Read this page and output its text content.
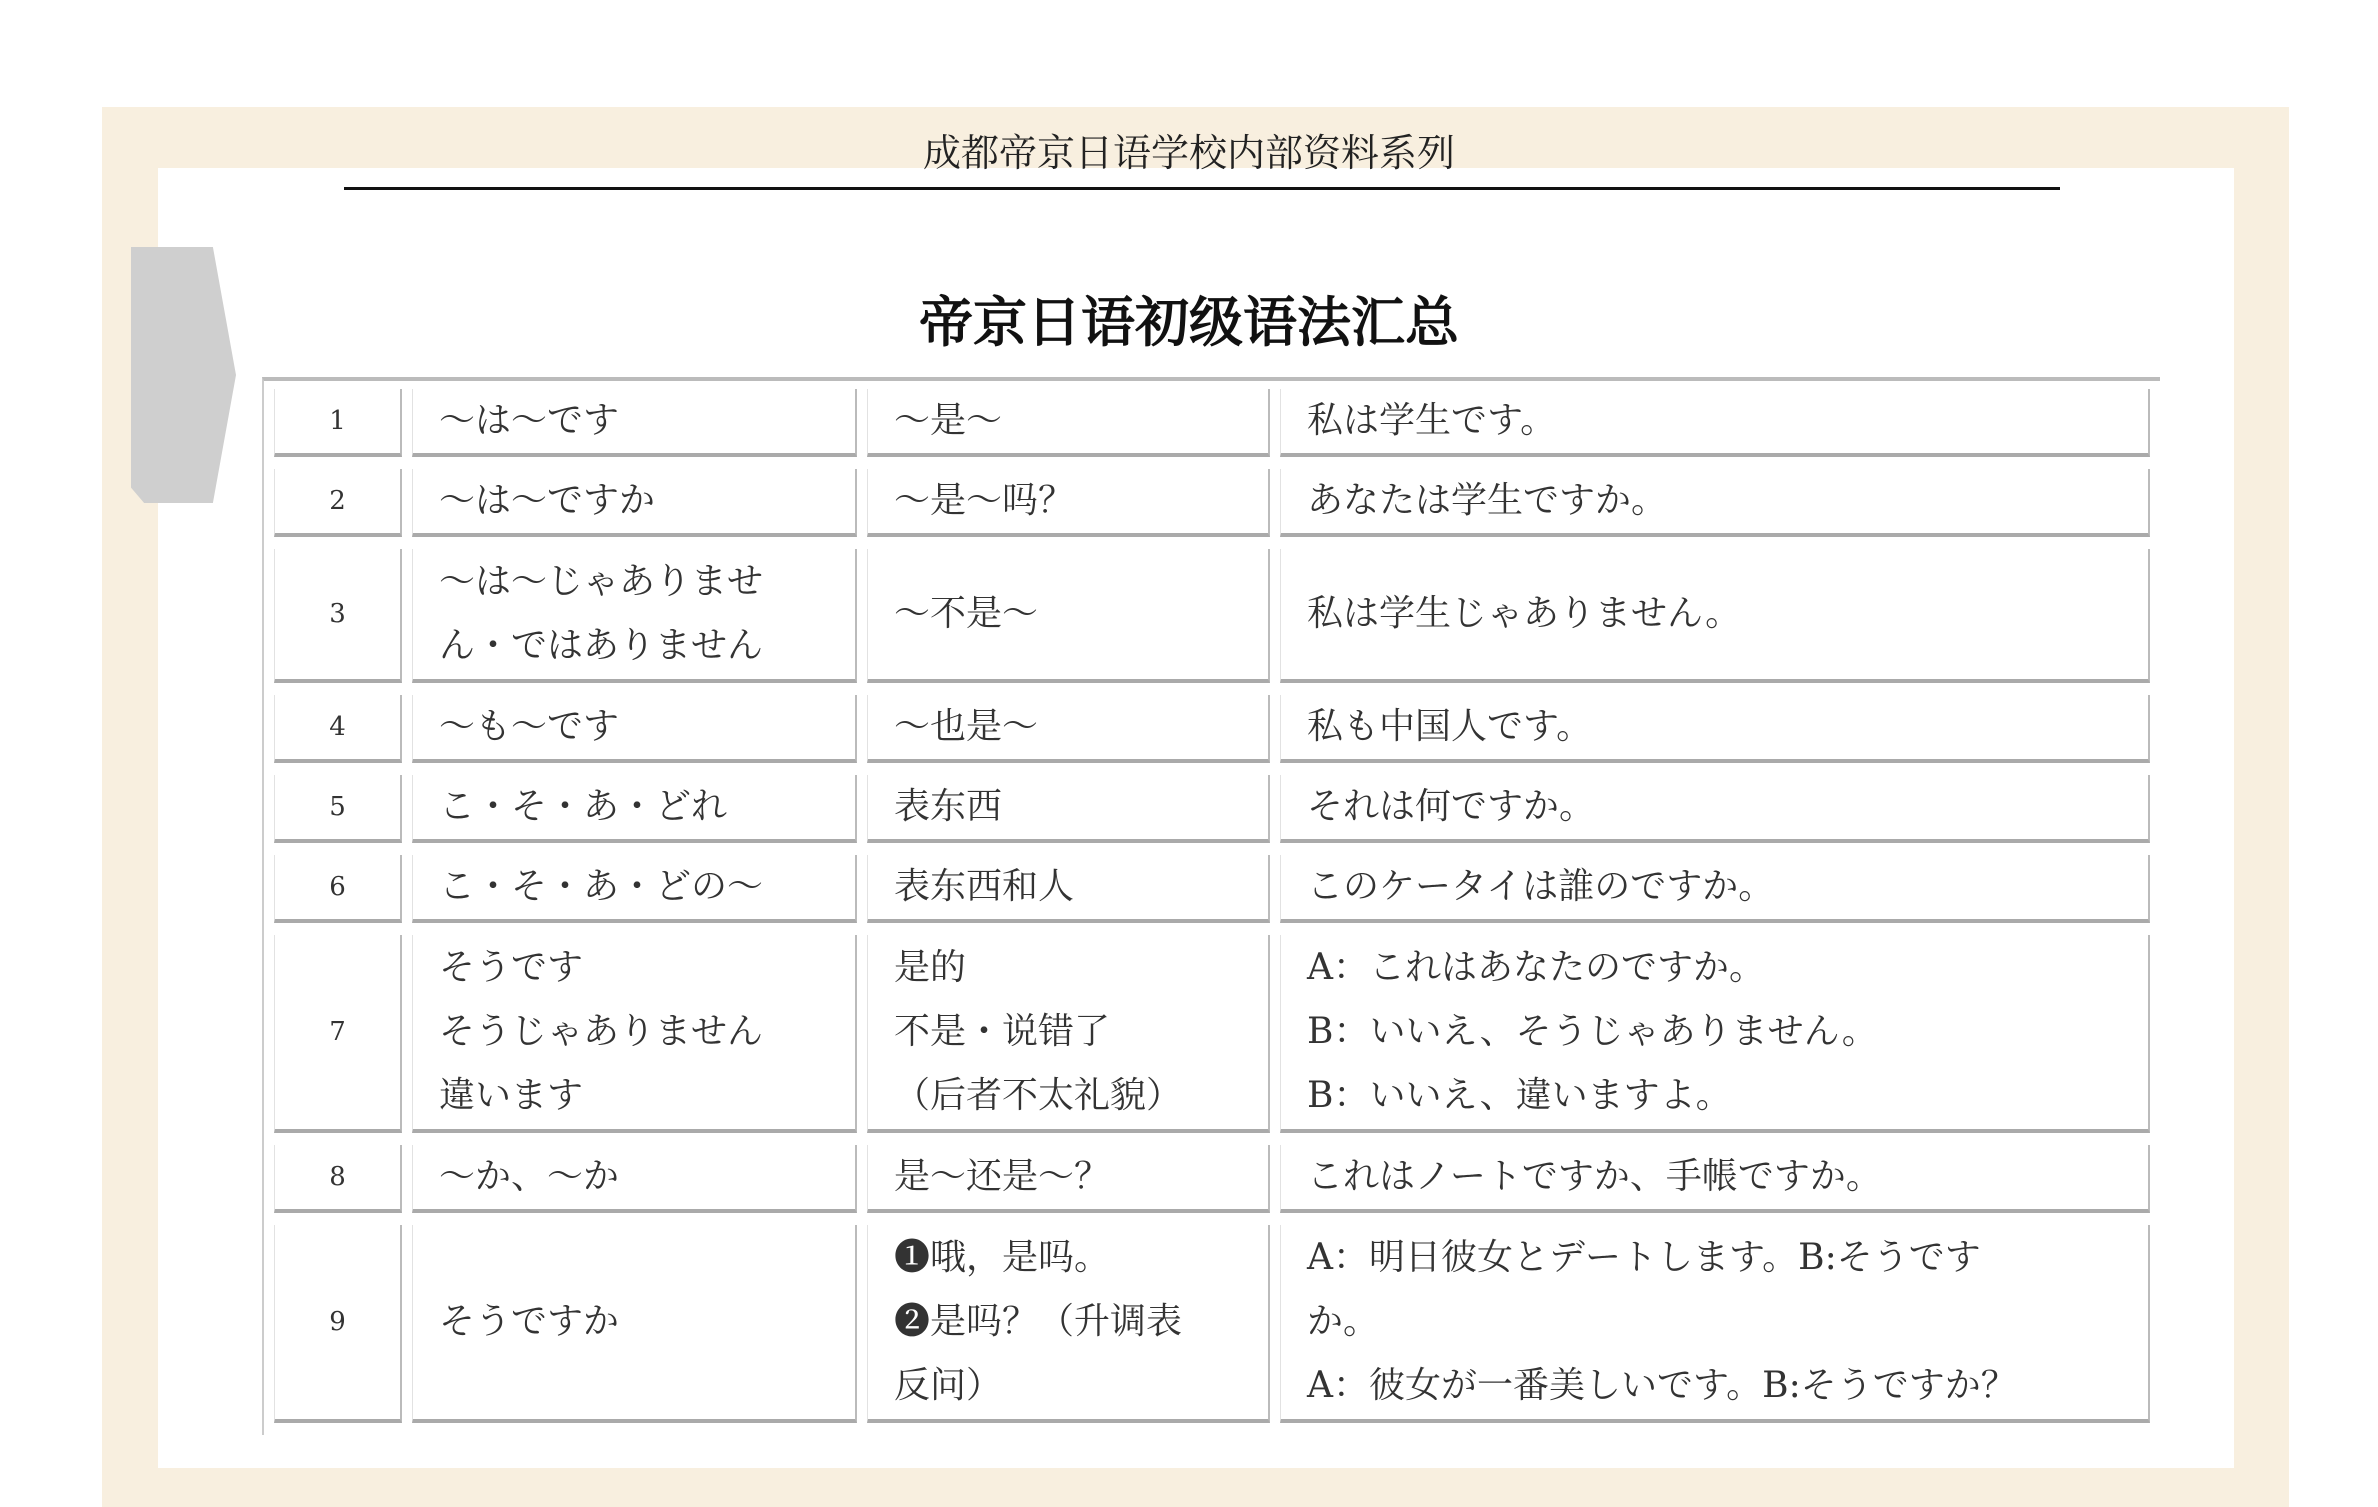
成都帝京日语学校内部资料系列
帝京日语初级语法汇总
1	～は～です	～是～	私は学生です。

2	～は～ですか	～是～吗？	あなたは学生ですか。

3	～は～じゃありませ
ん・ではありません	～不是～	私は学生じゃありません。

4	～も～です	～也是～	私も中国人です。

5	こ・そ・あ・どれ	表东西	それは何ですか。

6	こ・そ・あ・どの～	表东西和人	このケータイは誰のですか。

7	そうです
そうじゃありません
違います	是的
不是・说错了
（后者不太礼貌）	A：これはあなたのですか。
B：いいえ、そうじゃありません。
B：いいえ、違いますよ。

8	～か、～か	是～还是～？	これはノートですか、手帳ですか。

9	そうですか	❶哦，是吗。
❷是吗？（升调表
反问）	A：明日彼女とデートします。B:そうです
か。
A：彼女が一番美しいです。B:そうですか？
